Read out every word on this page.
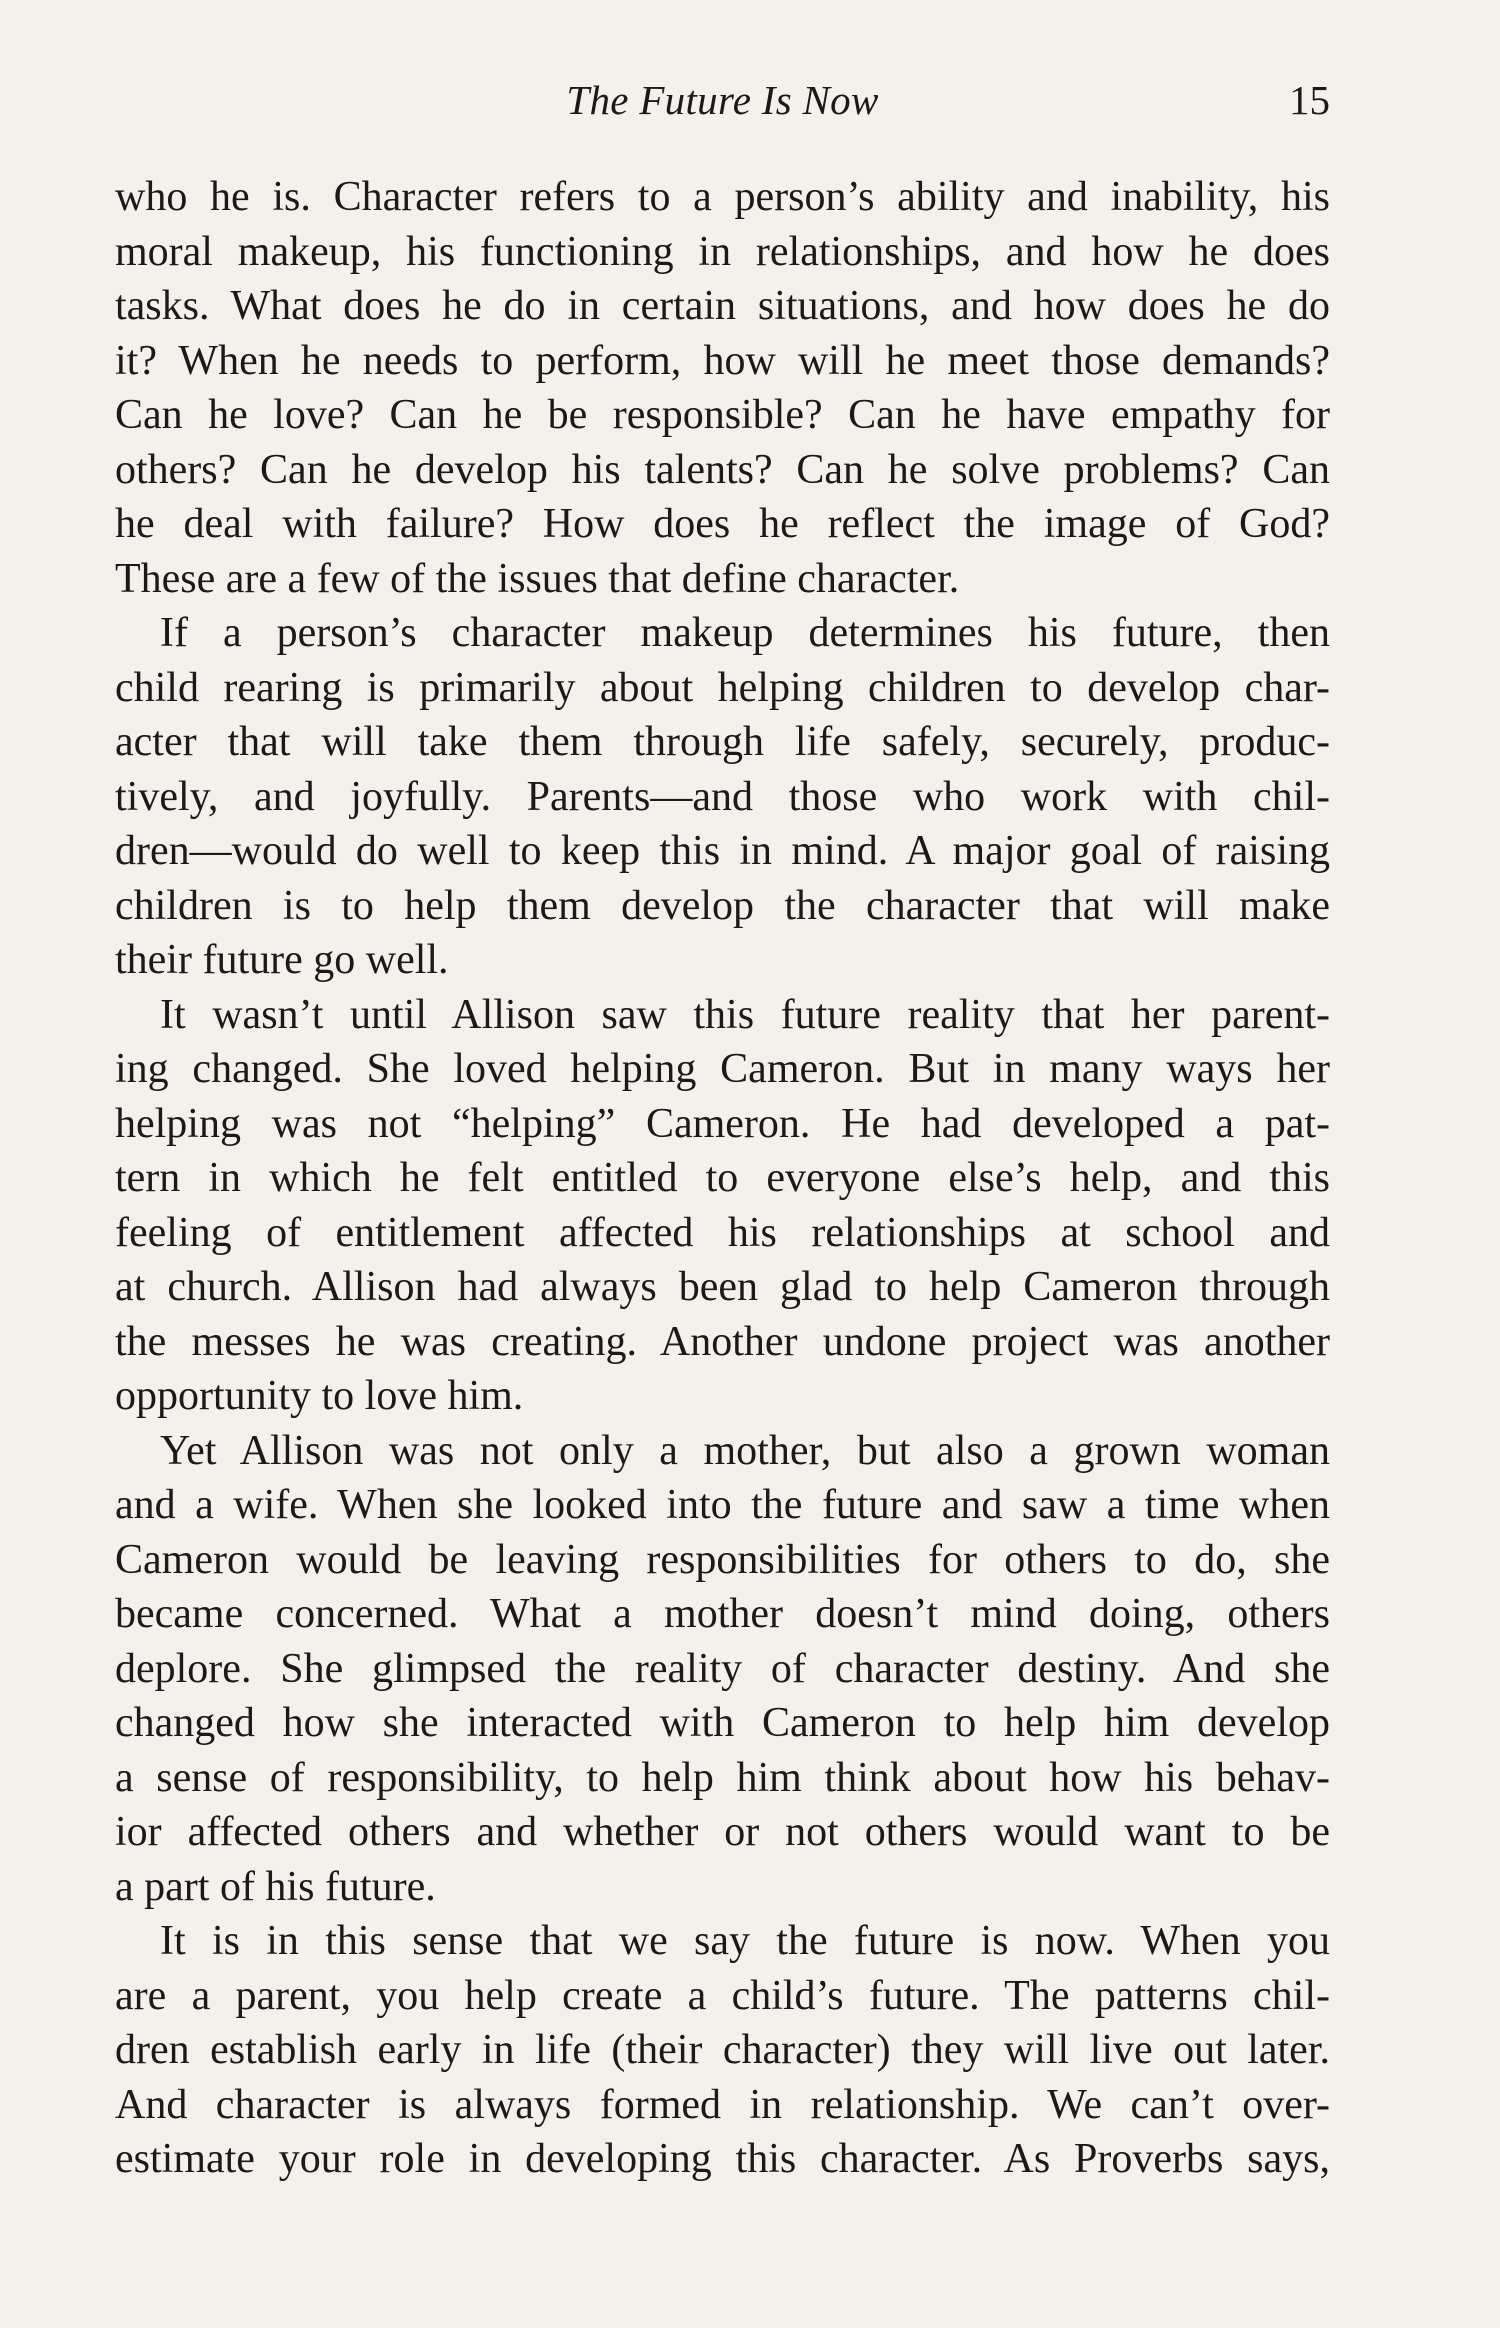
The Future Is Now	15
who he is. Character refers to a person’s ability and inability, his
moral makeup, his functioning in relationships, and how he does
tasks. What does he do in certain situations, and how does he do
it? When he needs to perform, how will he meet those demands?
Can he love? Can he be responsible? Can he have empathy for
others? Can he develop his talents? Can he solve problems? Can
he deal with failure? How does he reflect the image of God?
These are a few of the issues that define character.
If a person’s character makeup determines his future, then
child rearing is primarily about helping children to develop char-
acter that will take them through life safely, securely, produc-
tively, and joyfully. Parents—and those who work with chil-
dren—would do well to keep this in mind. A major goal of raising
children is to help them develop the character that will make
their future go well.
It wasn’t until Allison saw this future reality that her parent-
ing changed. She loved helping Cameron. But in many ways her
helping was not “helping” Cameron. He had developed a pat-
tern in which he felt entitled to everyone else’s help, and this
feeling of entitlement affected his relationships at school and
at church. Allison had always been glad to help Cameron through
the messes he was creating. Another undone project was another
opportunity to love him.
Yet Allison was not only a mother, but also a grown woman
and a wife. When she looked into the future and saw a time when
Cameron would be leaving responsibilities for others to do, she
became concerned. What a mother doesn’t mind doing, others
deplore. She glimpsed the reality of character destiny. And she
changed how she interacted with Cameron to help him develop
a sense of responsibility, to help him think about how his behav-
ior affected others and whether or not others would want to be
a part of his future.
It is in this sense that we say the future is now. When you
are a parent, you help create a child’s future. The patterns chil-
dren establish early in life (their character) they will live out later.
And character is always formed in relationship. We can’t over-
estimate your role in developing this character. As Proverbs says,
